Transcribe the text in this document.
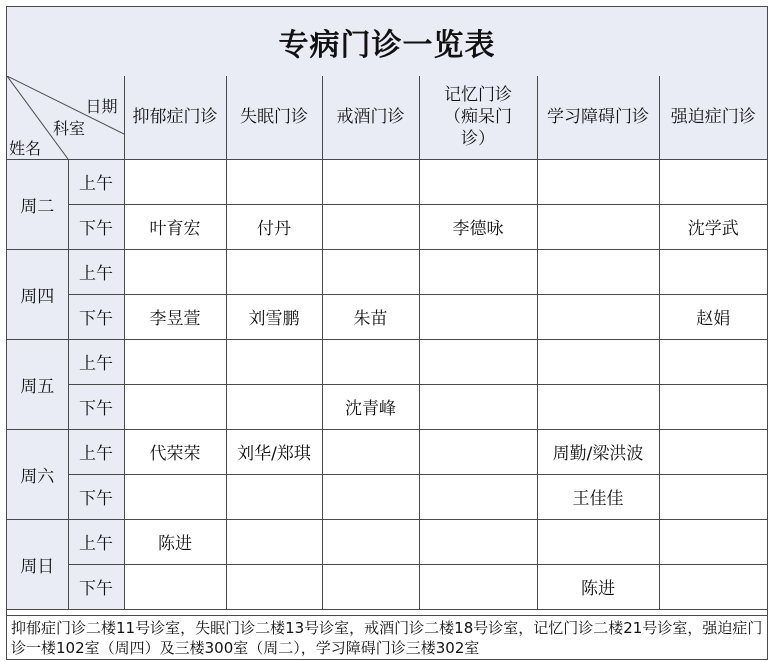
专病门诊一览表
日期
科室
姓名		抑郁症门诊	失眠门诊	戒酒门诊	记忆门诊（痴呆门诊）	学习障碍门诊	强迫症门诊
周二	上午						
	下午	叶育宏	付丹		李德咏		沈学武
周四	上午						
	下午	李昱萱	刘雪鹏	朱苗			赵娟
周五	上午						
	下午			沈青峰			
周六	上午	代荣荣	刘华/郑琪			周勤/梁洪波	
	下午					王佳佳	
周日	上午	陈进					
	下午					陈进	
抑郁症门诊二楼11号诊室，失眠门诊二楼13号诊室，戒酒门诊二楼18号诊室，记忆门诊二楼21号诊室，强迫症门诊一楼102室（周四）及三楼300室（周二），学习障碍门诊三楼302室
